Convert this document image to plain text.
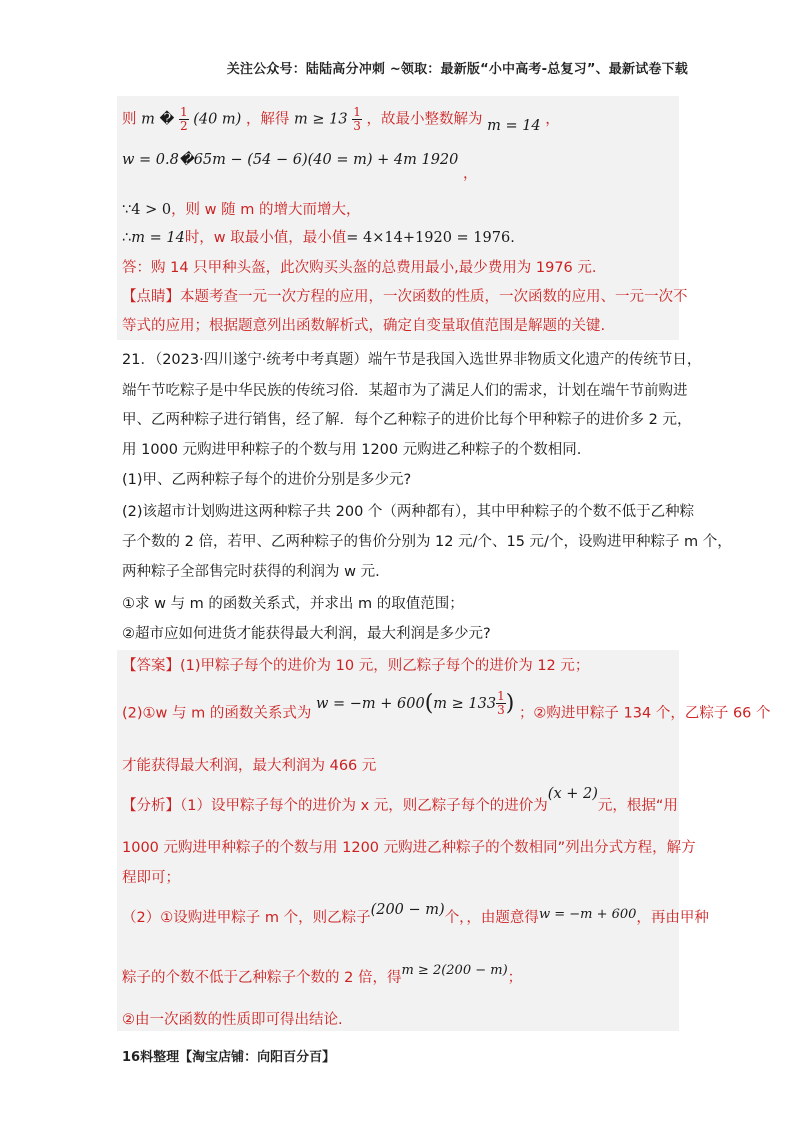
关注公众号：陆陆高分冲刺 ~领取：最新版“小中高考-总复习”、最新试卷下载
则 m � $\frac{1}{2} (40$ m) ，解得 $m \ge 13 \frac{1}{3}$ ，故最小整数解为 m = 14 ，
w = 0.8�65m − (54 − 6)(40 = m) + 4m 1920 ，
∵4 > 0，则 w 随 m 的增大而增大，
∴m = 14时，w 取最小值，最小值= 4×14+1920 = 1976.
答：购 14 只甲种头盔，此次购买头盔的总费用最小,最少费用为 1976 元.
【点睛】本题考查一元一次方程的应用，一次函数的性质，一次函数的应用、一元一次不
等式的应用；根据题意列出函数解析式，确定自变量取值范围是解题的关键.
21．（2023·四川遂宁·统考中考真题）端午节是我国入选世界非物质文化遗产的传统节日，
端午节吃粽子是中华民族的传统习俗．某超市为了满足人们的需求，计划在端午节前购进
甲、乙两种粽子进行销售，经了解．每个乙种粽子的进价比每个甲种粽子的进价多 2 元，
用 1000 元购进甲种粽子的个数与用 1200 元购进乙种粽子的个数相同.
(1)甲、乙两种粽子每个的进价分别是多少元?
(2)该超市计划购进这两种粽子共 200 个（两种都有），其中甲种粽子的个数不低于乙种粽
子个数的 2 倍，若甲、乙两种粽子的售价分别为 12 元/个、15 元/个，设购进甲种粽子 m 个，
两种粽子全部售完时获得的利润为 w 元.
①求 w 与 m 的函数关系式，并求出 m 的取值范围；
②超市应如何进货才能获得最大利润，最大利润是多少元?
【答案】(1)甲粽子每个的进价为 10 元，则乙粽子每个的进价为 12 元；
(2)①w 与 m 的函数关系式为 $w = -m + 600(m \ge 133 \frac{1}{3}$ ) ；②购进甲粽子 134 个，乙粽子 66 个
才能获得最大利润，最大利润为 466 元
【分析】（1）设甲粽子每个的进价为 x 元，则乙粽子每个的进价为(x + 2)元，根据“用
1000 元购进甲种粽子的个数与用 1200 元购进乙种粽子的个数相同”列出分式方程，解方
程即可；
（2）①设购进甲粽子 m 个，则乙粽子(200 − m)个，，由题意得w = −m + 600，再由甲种
粽子的个数不低于乙种粽子个数的 2 倍，得m ≥ 2(200 − m)；
②由一次函数的性质即可得出结论.
16料整理【淘宝店铺：向阳百分百】
